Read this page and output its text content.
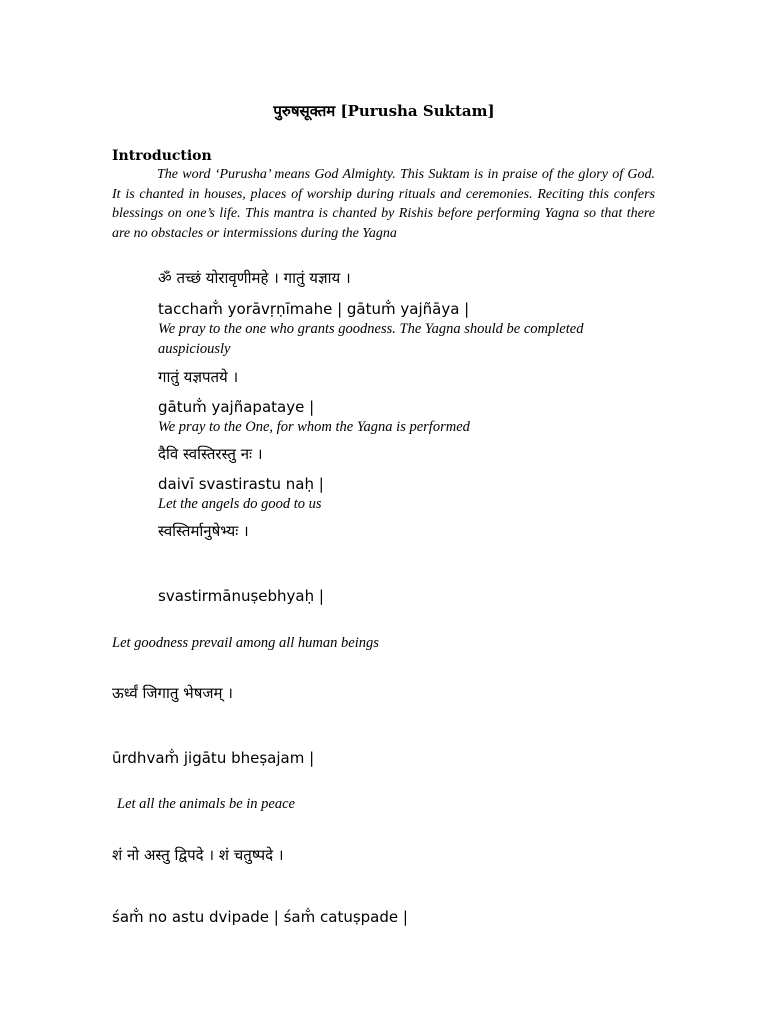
पुरुषसूक्तम [Purusha Suktam]
Introduction

The word ‘Purusha’ means God Almighty. This Suktam is in praise of the glory of God. It is chanted in houses, places of worship during rituals and ceremonies. Reciting this confers blessings on one’s life. This mantra is chanted by Rishis before performing Yagna so that there are no obstacles or intermissions during the Yagna

ॐ तच्छं योरावृणीमहे । गातुं यज्ञाय ।
taccham̐ yorāvṛṇīmahe | gātum̐ yajñāya |
We pray to the one who grants goodness. The Yagna should be completed auspiciously
गातुं यज्ञपतये ।
gātum̐ yajñapataye |
We pray to the One, for whom the Yagna is performed
दैवि स्वस्तिरस्तु नः ।
daivī svastirastu naḥ |
Let the angels do good to us
स्वस्तिर्मानुषेभ्यः ।
svastirmānuṣebhyaḥ |
Let goodness prevail among all human beings
ऊर्ध्वं जिगातु भेषजम् ।
ūrdhvam̐ jigātu bheṣajam |
Let all the animals be in peace
शं नो अस्तु द्विपदे । शं चतुष्पदे ।
śam̐ no astu dvipade | śam̐ catuṣpade |
